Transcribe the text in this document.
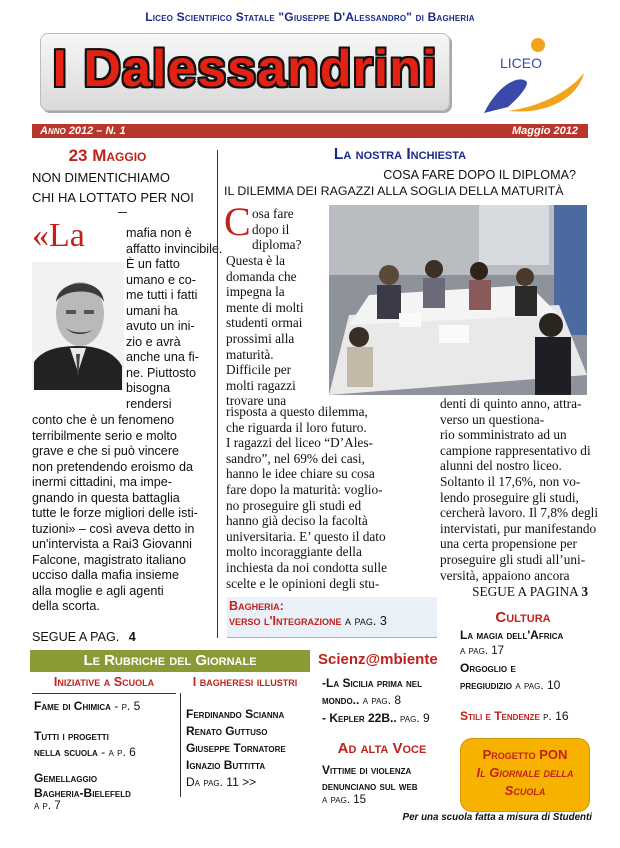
Liceo Scientifico Statale "Giuseppe D'Alessandro" di Bagheria
I Dalessandrini	LICEO
Anno 2012 – N. 1	Maggio 2012
23 Maggio
NON DIMENTICHIAMO
CHI HA LOTTATO PER NOI
«La	mafia non è
affatto invincibile.
È un fatto
umano e co-
me tutti i fatti
umani ha
avuto un ini-
zio e avrà
anche una fi-
ne. Piuttosto
bisogna
rendersi
conto che è un fenomeno
terribilmente serio e molto
grave e che si può vincere
non pretendendo eroismo da
inermi cittadini, ma impe-
gnando in questa battaglia
tutte le forze migliori delle isti-
tuzioni» – così aveva detto in
un'intervista a Rai3 Giovanni
Falcone, magistrato italiano
ucciso dalla mafia insieme
alla moglie e agli agenti
della scorta.
SEGUE A PAG. 4
La nostra Inchiesta
COSA FARE DOPO IL DIPLOMA?
IL DILEMMA DEI RAGAZZI ALLA SOGLIA DELLA MATURITÀ
C osa fare
dopo il
diploma?
Questa è la
domanda che
impegna la
mente di molti
studenti ormai
prossimi alla
maturità.
Difficile per
molti ragazzi
trovare una
risposta a questo dilemma,
che riguarda il loro futuro.
I ragazzi del liceo “D’Ales-
sandro”, nel 69% dei casi,
hanno le idee chiare su cosa
fare dopo la maturità: voglio-
no proseguire gli studi ed
hanno già deciso la facoltà
universitaria. E’ questo il dato
molto incoraggiante della
inchiesta da noi condotta sulle
scelte e le opinioni degli stu-
denti di quinto anno, attra-
verso un questiona-
rio somministrato ad un
campione rappresentativo di
alunni del nostro liceo.
Soltanto il 17,6%, non vo-
lendo proseguire gli studi,
cercherà lavoro. Il 7,8% degli
intervistati, pur manifestando
una certa propensione per
proseguire gli studi all’uni-
versità, appaiono ancora
SEGUE A PAGINA 3
Bagheria:
verso l'Integrazione a pag. 3	Cultura
La magia dell'Africa
a pag. 17
Orgoglio e
pregiudizio a pag. 10
Stili e Tendenze p. 16
Le Rubriche del Giornale
Iniziative a Scuola
Fame di Chimica - p. 5
Tutti i progetti
nella scuola - a p. 6
Gemellaggio
Bagheria-Bielefeld
a p. 7
I bagheresi illustri
Ferdinando Scianna
Renato Guttuso
Giuseppe Tornatore
Ignazio Buttitta
Da pag. 11 >>
Scienz@mbiente
-La Sicilia prima nel
mondo.. a pag. 8
- Kepler 22B.. pag. 9
Ad alta Voce
Vittime di violenza
denunciano sul web
a pag. 15
Progetto PON
Il Giornale della
Scuola
Per una scuola fatta a misura di Studenti
